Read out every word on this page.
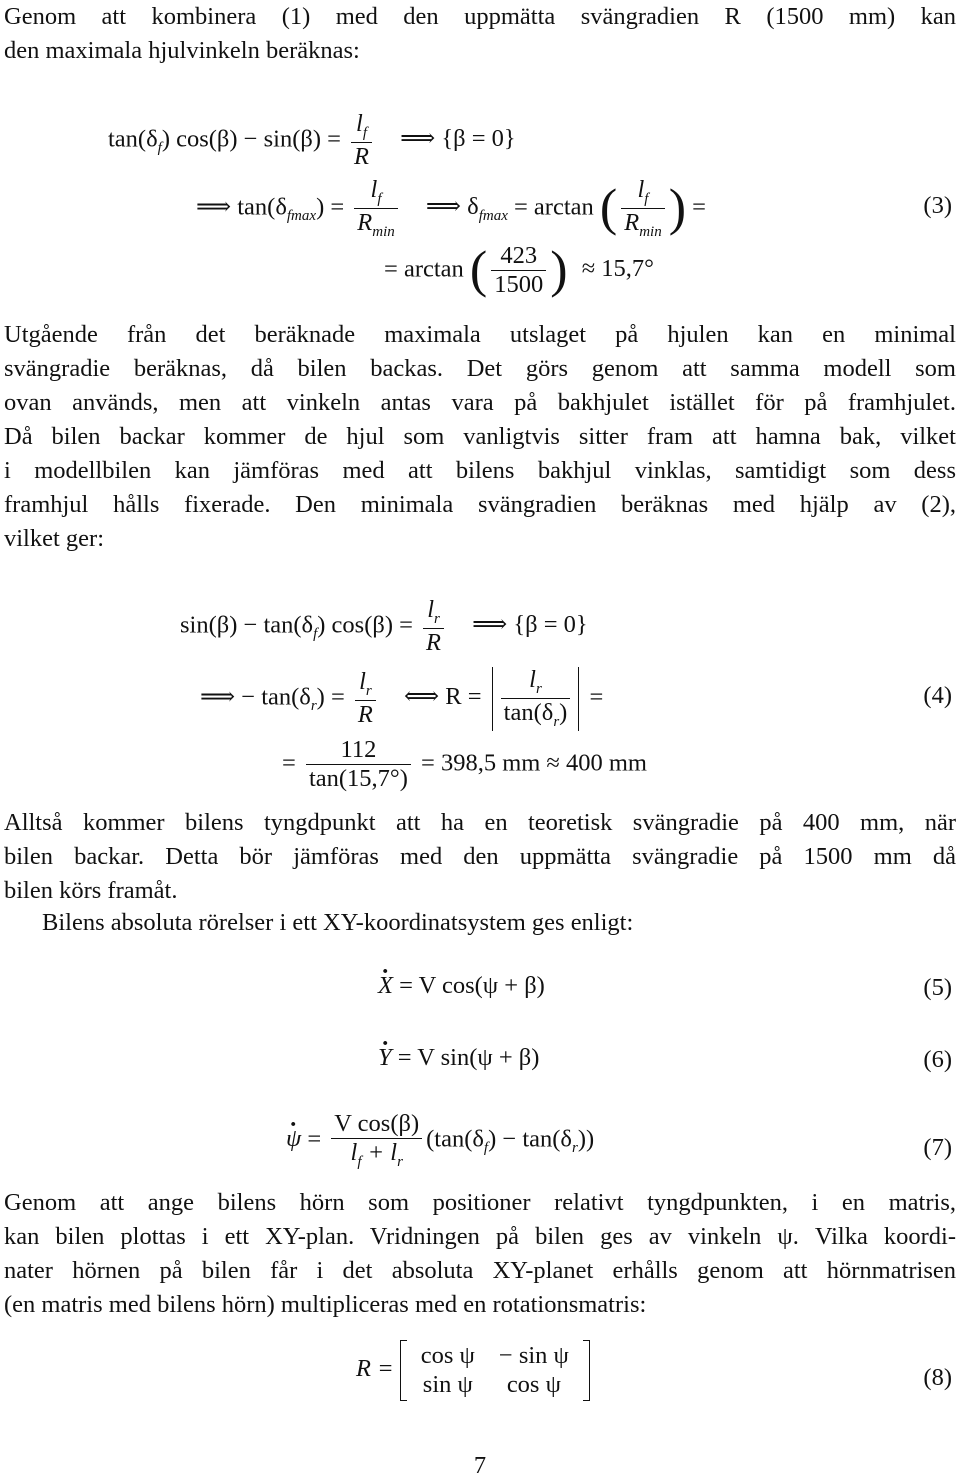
Genom att kombinera (1) med den uppmätta svängradien R (1500 mm) kan
den maximala hjulvinkeln beräknas:
$\tan(\delta_f) \cos(\beta) - \sin(\beta) = \frac{l_f}{R}$ ⟹ {β = 0}
⟹ $\tan(\delta_{fmax}) = \frac{l_f}{R_{min}}$ ⟹ $\delta_{fmax} = \arctan$ ( $\frac{l_f}{R_{min}}$ ) =	(3)
= arctan ( $\frac{423}{1500}$ ) ≈ 15,7°
Utgående från det beräknade maximala utslaget på hjulen kan en minimal
svängradie beräknas, då bilen backas. Det görs genom att samma modell som
ovan används, men att vinkeln antas vara på bakhjulet istället för på framhjulet.
Då bilen backar kommer de hjul som vanligtvis sitter fram att hamna bak, vilket
i modellbilen kan jämföras med att bilens bakhjul vinklas, samtidigt som dess
framhjul hålls fixerade. Den minimala svängradien beräknas med hjälp av (2),
vilket ger:
$\sin(\beta) - \tan(\delta_f) \cos(\beta) = \frac{l_r}{R}$ ⟹ {β = 0}
⟹ − $\tan(\delta_r) = \frac{l_r}{R}$ ⟺ $R = \frac{l_r}{\tan(\delta_r)}$ =	(4)
= $\frac{112}{\tan(15,7^\circ)} = 398,5$ mm ≈ 400 mm
Alltså kommer bilens tyngdpunkt att ha en teoretisk svängradie på 400 mm, när
bilen backar. Detta bör jämföras med den uppmätta svängradie på 1500 mm då
bilen körs framåt.
Bilens absoluta rörelser i ett XY-koordinatsystem ges enligt:
· X = V cos(ψ + β)	(5)
· Y = V sin(ψ + β)	(6)
· $\psi = \frac{\text{V cos(β)}}{l_f + l_r} (\tan(\delta_f) - \tan(\delta_r))$	(7)
Genom att ange bilens hörn som positioner relativt tyngdpunkten, i en matris,
kan bilen plottas i ett XY-plan. Vridningen på bilen ges av vinkeln ψ. Vilka koordi-
nater hörnen på bilen får i det absoluta XY-planet erhålls genom att hörnmatrisen
(en matris med bilens hörn) multipliceras med en rotationsmatris:
R = cos ψ	− sin ψ
sin ψ	cos ψ	(8)
7
